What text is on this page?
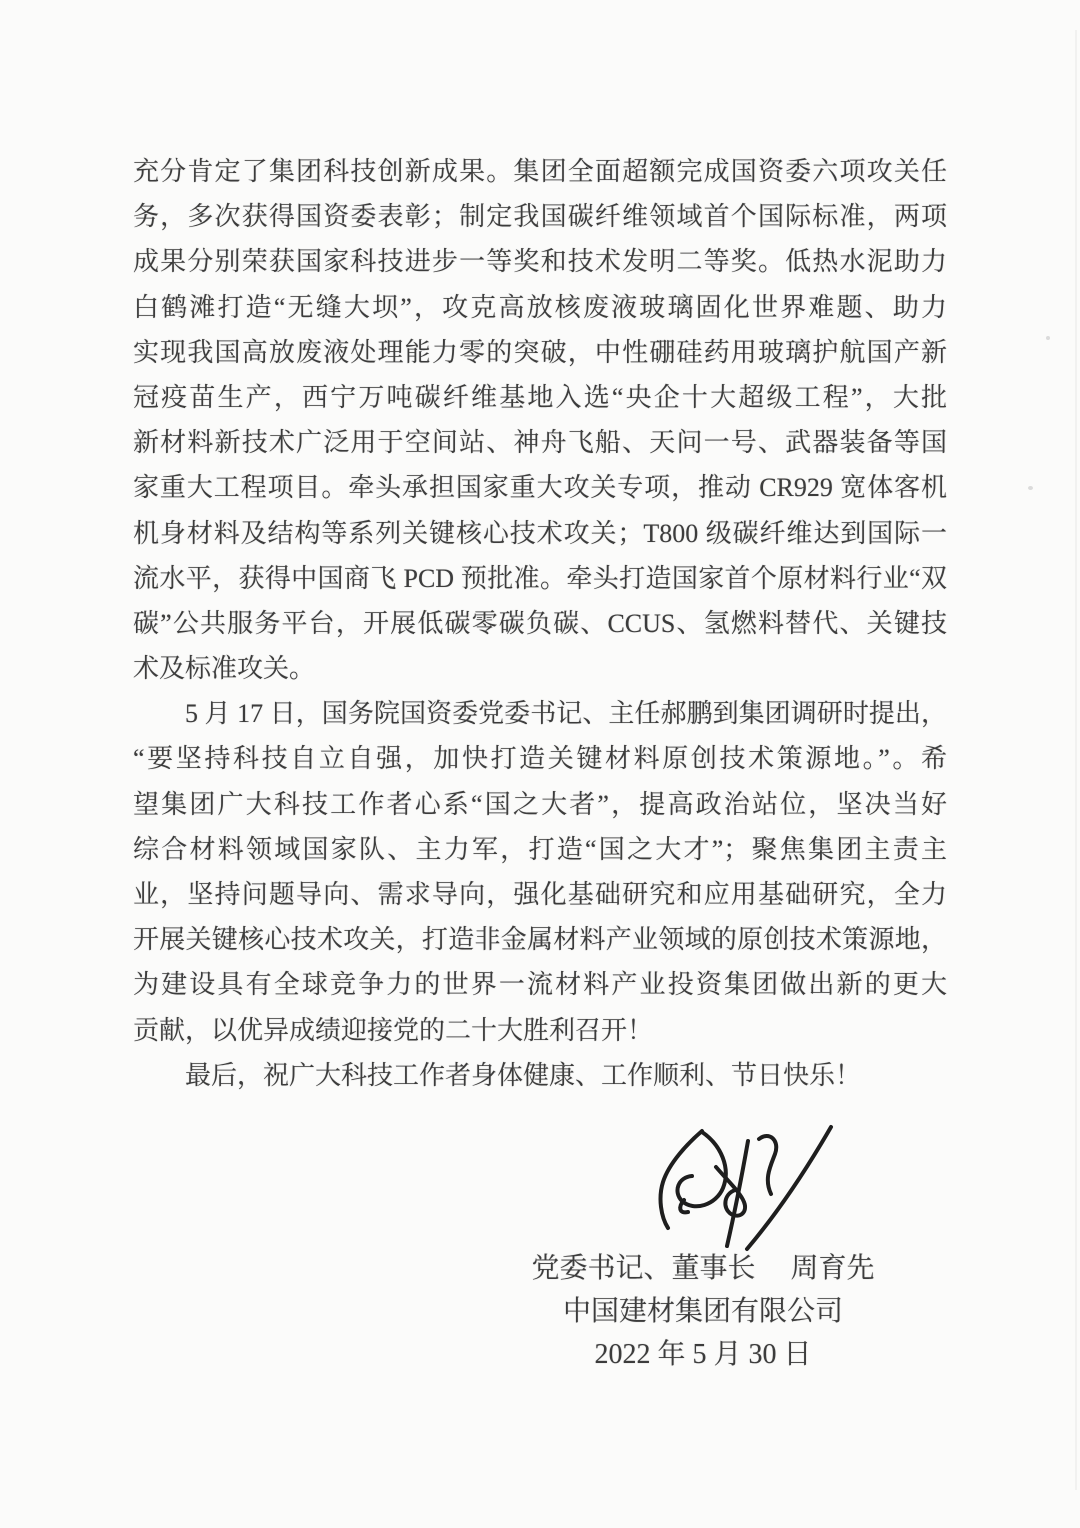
充分肯定了集团科技创新成果。集团全面超额完成国资委六项攻关任
务，多次获得国资委表彰；制定我国碳纤维领域首个国际标准，两项
成果分别荣获国家科技进步一等奖和技术发明二等奖。低热水泥助力
白鹤滩打造“无缝大坝”，攻克高放核废液玻璃固化世界难题、助力
实现我国高放废液处理能力零的突破，中性硼硅药用玻璃护航国产新
冠疫苗生产，西宁万吨碳纤维基地入选“央企十大超级工程”，大批
新材料新技术广泛用于空间站、神舟飞船、天问一号、武器装备等国
家重大工程项目。牵头承担国家重大攻关专项，推动 CR929 宽体客机
机身材料及结构等系列关键核心技术攻关；T800 级碳纤维达到国际一
流水平，获得中国商飞 PCD 预批准。牵头打造国家首个原材料行业“双
碳”公共服务平台，开展低碳零碳负碳、CCUS、氢燃料替代、关键技
术及标准攻关。
5 月 17 日，国务院国资委党委书记、主任郝鹏到集团调研时提出，
“要坚持科技自立自强，加快打造关键材料原创技术策源地。”。希
望集团广大科技工作者心系“国之大者”，提高政治站位，坚决当好
综合材料领域国家队、主力军，打造“国之大才”；聚焦集团主责主
业，坚持问题导向、需求导向，强化基础研究和应用基础研究，全力
开展关键核心技术攻关，打造非金属材料产业领域的原创技术策源地，
为建设具有全球竞争力的世界一流材料产业投资集团做出新的更大
贡献，以优异成绩迎接党的二十大胜利召开！
最后，祝广大科技工作者身体健康、工作顺利、节日快乐！
党委书记、董事长　 周育先
中国建材集团有限公司
2022 年 5 月 30 日
